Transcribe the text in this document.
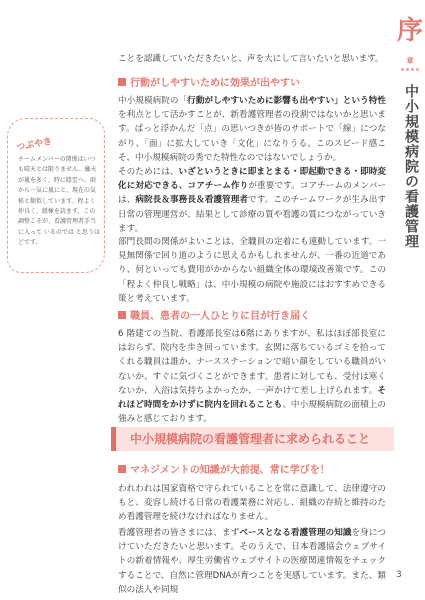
序
章
中小規模病院の看護管理
つぶやき
チームメンバーの関係はいつも晴天とは限りません。曇天が嵐を多く、時に陰雲へ、雨から一気に嵐にと、現在の気候と類似しています。程よく仲良く、緩極を読ます、この調整こそが、看護管理者手当に入って いるのでは と思うほどです。

ことを認識していただきたいと、声を大にして言いたいと思います。

行動がしやすいために効果が出やすい

中小規模病院の「行動がしやすいために影響も出やすい」という特性を利点として活かすことが、新看護管理者の役割ではないかと思います。ぱっと浮かんだ「点」の思いつきが皆のサポートで「線」につながり、「面」に拡大していき「文化」になりうる。このスピード感こそ、中小規模病院の秀でた特性なのではないでしょうか。

そのためには、いざというときに即まとまる・即起動できる・即時変化に対応できる、コアチーム作りが重要です。コアチームのメンバーは、病院長＆事務長＆看護管理者です。このチームワークが生み出す日常の管理運営が、結果として診療の質や看護の質につながっていきます。

部門長間の関係がよいことは、全職員の定着にも連動しています。一見無関係で回り道のように思えるかもしれませんが、一番の近道であり、何といっても費用がかからない組織全体の環境改善策です。この「程よく仲良し戦略」は、中小規模の病院や施設にはおすすめできる策と考えています。

職員、患者の一人ひとりに目が行き届く

6 階建ての当院、看護部長室は6階にありますが、私はほぼ部長室にはおらず、院内を歩き回っています。玄関に落ちているゴミを拾ってくれる職員は誰か、ナースステーションで暗い顔をしている職員がいないか、すぐに気づくことができます。患者に対しても、受付は寒くないか、入浴は気持ちよかったか、一声かけて差し上げられます。それほど時間をかけずに院内を回れることも、中小規模病院の面積上の強みと感じております。

中小規模病院の看護管理者に求められること
マネジメントの知識が大前提、常に学びを！

われわれは国家資格で守られていることを常に意識して、法律遵守のもと、変容し続ける日常の看護業務に対応し、組織の存続と維持のため看護管理を続けなければなりません。

看護管理者の皆さまには、まずベースとなる看護管理の知識を身につけていただきたいと思います。そのうえで、日本看護協会ウェブサイトの新着情報や、厚生労働省ウェブサイトの医療関連情報をチェックすることで、自然に管理DNAが育つことを実感しています。また、類似の法人や同規

3
